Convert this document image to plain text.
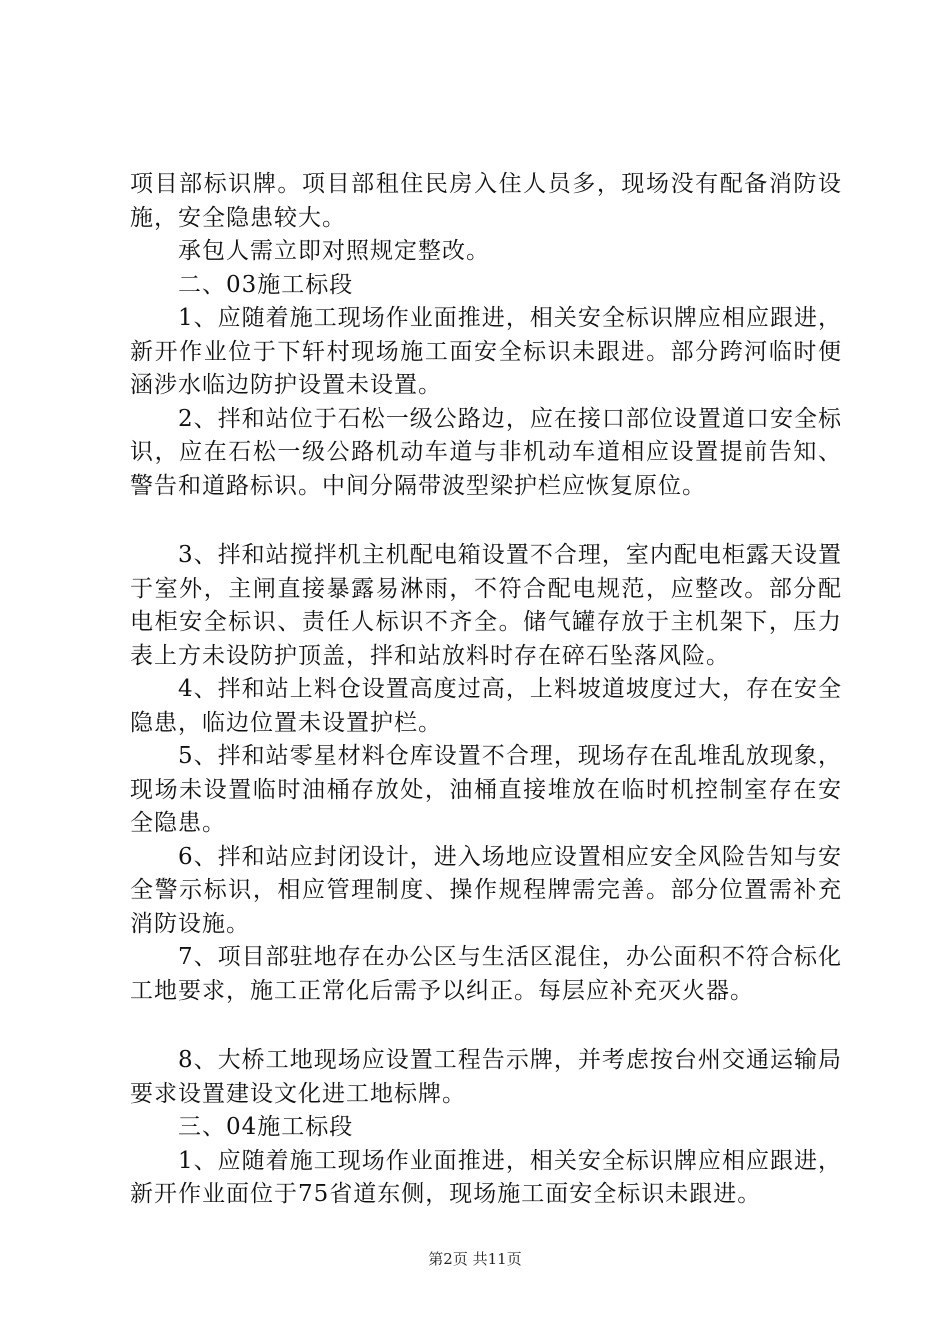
项目部标识牌。项目部租住民房入住人员多，现场没有配备消防设施，安全隐患较大。

承包人需立即对照规定整改。

二、03施工标段

1、应随着施工现场作业面推进，相关安全标识牌应相应跟进，新开作业位于下轩村现场施工面安全标识未跟进。部分跨河临时便涵涉水临边防护设置未设置。

2、拌和站位于石松一级公路边，应在接口部位设置道口安全标识，应在石松一级公路机动车道与非机动车道相应设置提前告知、警告和道路标识。中间分隔带波型梁护栏应恢复原位。

3、拌和站搅拌机主机配电箱设置不合理，室内配电柜露天设置于室外，主闸直接暴露易淋雨，不符合配电规范，应整改。部分配电柜安全标识、责任人标识不齐全。储气罐存放于主机架下，压力表上方未设防护顶盖，拌和站放料时存在碎石坠落风险。

4、拌和站上料仓设置高度过高，上料坡道坡度过大，存在安全隐患，临边位置未设置护栏。

5、拌和站零星材料仓库设置不合理，现场存在乱堆乱放现象，现场未设置临时油桶存放处，油桶直接堆放在临时机控制室存在安全隐患。

6、拌和站应封闭设计，进入场地应设置相应安全风险告知与安全警示标识，相应管理制度、操作规程牌需完善。部分位置需补充消防设施。

7、项目部驻地存在办公区与生活区混住，办公面积不符合标化工地要求，施工正常化后需予以纠正。每层应补充灭火器。

8、大桥工地现场应设置工程告示牌，并考虑按台州交通运输局要求设置建设文化进工地标牌。

三、04施工标段

1、应随着施工现场作业面推进，相关安全标识牌应相应跟进，新开作业面位于75省道东侧，现场施工面安全标识未跟进。

第2页 共11页
